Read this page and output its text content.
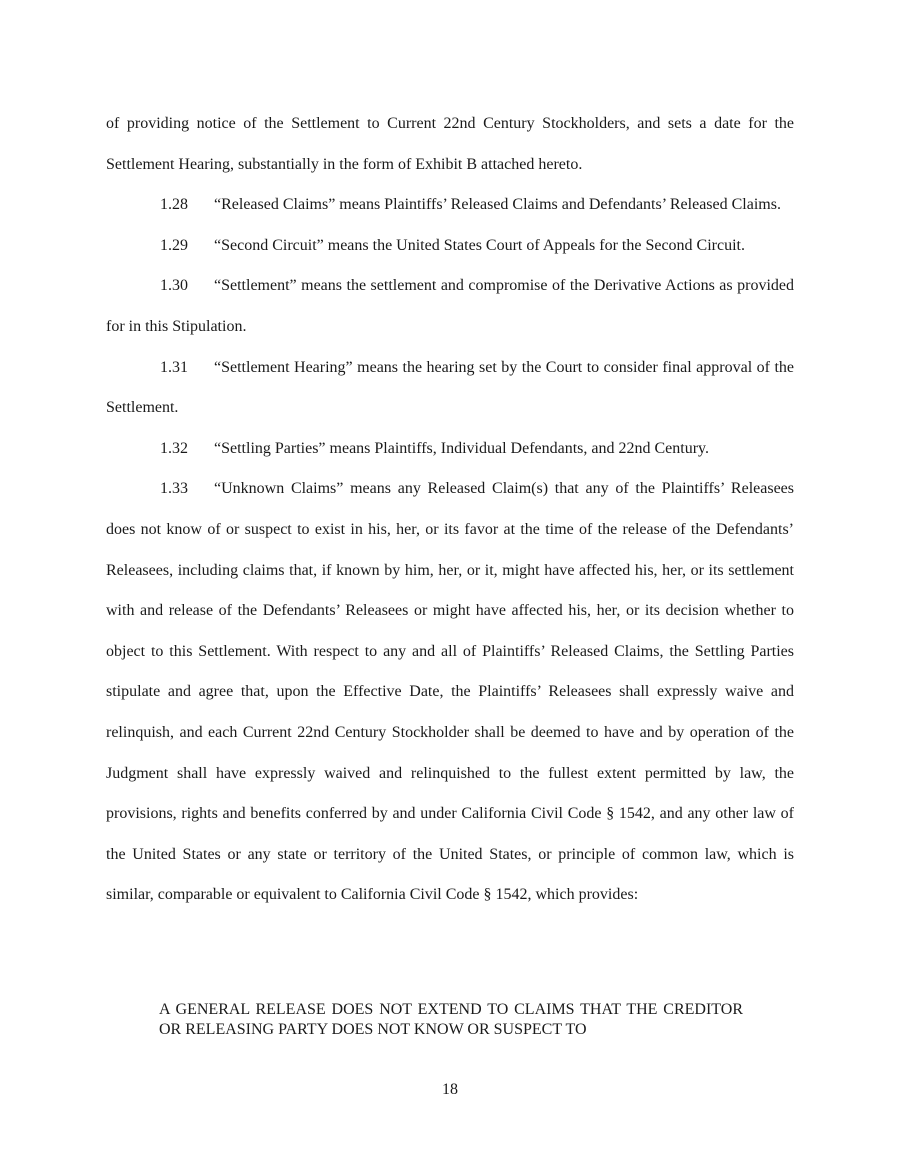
of providing notice of the Settlement to Current 22nd Century Stockholders, and sets a date for the Settlement Hearing, substantially in the form of Exhibit B attached hereto.

1.28 “Released Claims” means Plaintiffs’ Released Claims and Defendants’ Released Claims.

1.29 “Second Circuit” means the United States Court of Appeals for the Second Circuit.

1.30 “Settlement” means the settlement and compromise of the Derivative Actions as provided for in this Stipulation.

1.31 “Settlement Hearing” means the hearing set by the Court to consider final approval of the Settlement.

1.32 “Settling Parties” means Plaintiffs, Individual Defendants, and 22nd Century.

1.33 “Unknown Claims” means any Released Claim(s) that any of the Plaintiffs’ Releasees does not know of or suspect to exist in his, her, or its favor at the time of the release of the Defendants’ Releasees, including claims that, if known by him, her, or it, might have affected his, her, or its settlement with and release of the Defendants’ Releasees or might have affected his, her, or its decision whether to object to this Settlement. With respect to any and all of Plaintiffs’ Released Claims, the Settling Parties stipulate and agree that, upon the Effective Date, the Plaintiffs’ Releasees shall expressly waive and relinquish, and each Current 22nd Century Stockholder shall be deemed to have and by operation of the Judgment shall have expressly waived and relinquished to the fullest extent permitted by law, the provisions, rights and benefits conferred by and under California Civil Code § 1542, and any other law of the United States or any state or territory of the United States, or principle of common law, which is similar, comparable or equivalent to California Civil Code § 1542, which provides:

A GENERAL RELEASE DOES NOT EXTEND TO CLAIMS THAT THE CREDITOR OR RELEASING PARTY DOES NOT KNOW OR SUSPECT TO

18
